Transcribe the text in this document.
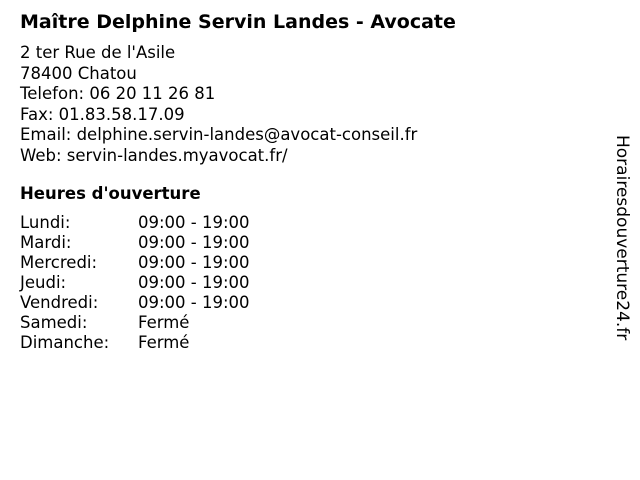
Maître Delphine Servin Landes - Avocate
2 ter Rue de l'Asile
78400 Chatou
Telefon: 06 20 11 26 81
Fax: 01.83.58.17.09
Email: delphine.servin-landes@avocat-conseil.fr
Web: servin-landes.myavocat.fr/
Heures d'ouverture
Lundi:	09:00 - 19:00
Mardi:	09:00 - 19:00
Mercredi:	09:00 - 19:00
Jeudi:	09:00 - 19:00
Vendredi:	09:00 - 19:00
Samedi:	Fermé
Dimanche:	Fermé
Horairesdouverture24.fr
